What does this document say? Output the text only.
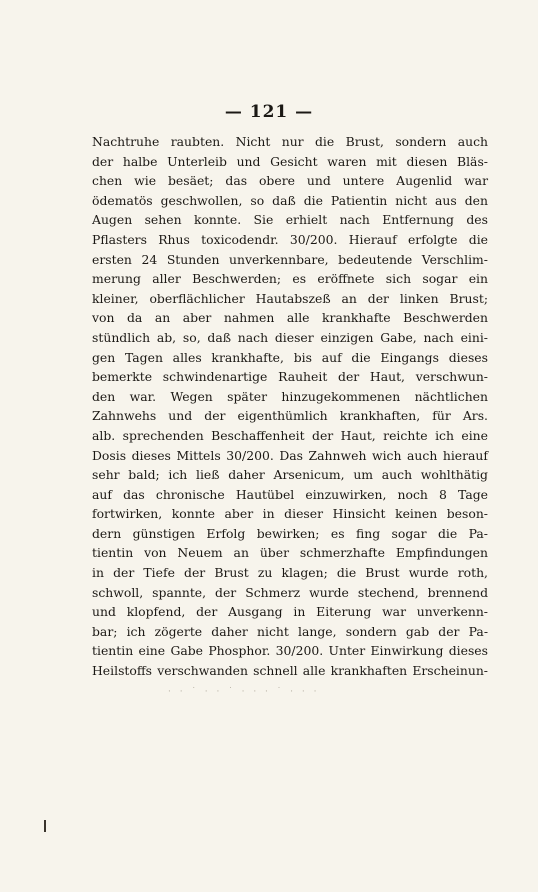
— 121 —
Nachtruhe raubten. Nicht nur die Brust, sondern auch
der halbe Unterleib und Gesicht waren mit diesen Bläs-
chen wie besäet; das obere und untere Augenlid war
ödematös geschwollen, so daß die Patientin nicht aus den
Augen sehen konnte. Sie erhielt nach Entfernung des
Pflasters Rhus toxicodendr. 30/200. Hierauf erfolgte die
ersten 24 Stunden unverkennbare, bedeutende Verschlim-
merung aller Beschwerden; es eröffnete sich sogar ein
kleiner, oberflächlicher Hautabszeß an der linken Brust;
von da an aber nahmen alle krankhafte Beschwerden
stündlich ab, so, daß nach dieser einzigen Gabe, nach eini-
gen Tagen alles krankhafte, bis auf die Eingangs dieses
bemerkte schwindenartige Rauheit der Haut, verschwun-
den war. Wegen später hinzugekommenen nächtlichen
Zahnwehs und der eigenthümlich krankhaften, für Ars.
alb. sprechenden Beschaffenheit der Haut, reichte ich eine
Dosis dieses Mittels 30/200. Das Zahnweh wich auch hierauf
sehr bald; ich ließ daher Arsenicum, um auch wohlthätig
auf das chronische Hautübel einzuwirken, noch 8 Tage
fortwirken, konnte aber in dieser Hinsicht keinen beson-
dern günstigen Erfolg bewirken; es fing sogar die Pa-
tientin von Neuem an über schmerzhafte Empfindungen
in der Tiefe der Brust zu klagen; die Brust wurde roth,
schwoll, spannte, der Schmerz wurde stechend, brennend
und klopfend, der Ausgang in Eiterung war unverkenn-
bar; ich zögerte daher nicht lange, sondern gab der Pa-
tientin eine Gabe Phosphor. 30/200. Unter Einwirkung dieses
Heilstoffs verschwanden schnell alle krankhaften Erscheinun-
· · ˙ · · ˙ · · · ˙ · · ·
